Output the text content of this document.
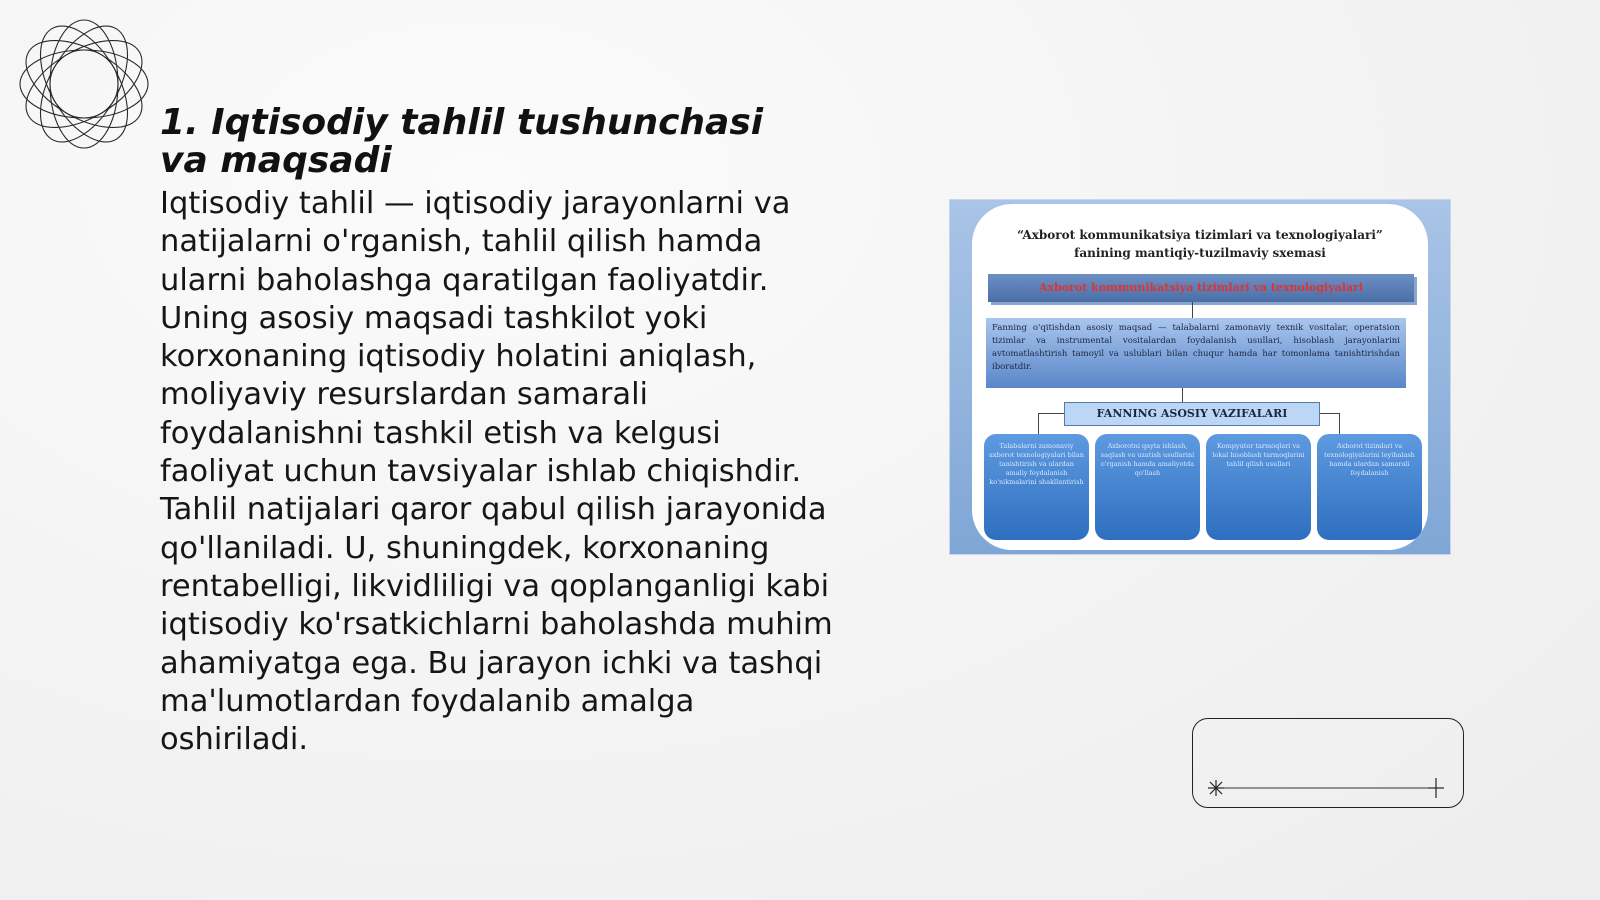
1. Iqtisodiy tahlil tushunchasi va maqsadi

Iqtisodiy tahlil — iqtisodiy jarayonlarni va natijalarni o'rganish, tahlil qilish hamda ularni baholashga qaratilgan faoliyatdir. Uning asosiy maqsadi tashkilot yoki korxonaning iqtisodiy holatini aniqlash, moliyaviy resurslardan samarali foydalanishni tashkil etish va kelgusi faoliyat uchun tavsiyalar ishlab chiqishdir. Tahlil natijalari qaror qabul qilish jarayonida qo'llaniladi. U, shuningdek, korxonaning rentabelligi, likvidliligi va qoplanganligi kabi iqtisodiy ko'rsatkichlarni baholashda muhim ahamiyatga ega. Bu jarayon ichki va tashqi ma'lumotlardan foydalanib amalga oshiriladi.

“Axborot kommunikatsiya tizimlari va texnologiyalari”
fanining mantiqiy-tuzilmaviy sxemasi
Axborot kommunikatsiya tizimlari va texnologiyalari
Fanning o'qitishdan asosiy maqsad — talabalarni zamonaviy texnik vositalar, operatsion tizimlar va instrumental vositalardan foydalanish usullari, hisoblash jarayonlarini avtomatlashtirish tamoyil va uslublari bilan chuqur hamda har tomonlama tanishtirishdan iboratdir.
FANNING ASOSIY VAZIFALARI
Talabalarni zamonaviy axborot texnologiyalari bilan tanishtirish va ulardan amaliy foydalanish ko'nikmalarini shakllantirish
Axborotni qayta ishlash, saqlash va uzatish usullarini o'rganish hamda amaliyotda qo'llash
Kompyuter tarmoqlari va lokal hisoblash tarmoqlarini tahlil qilish usullari
Axborot tizimlari va texnologiyalarini loyihalash hamda ulardan samarali foydalanish
